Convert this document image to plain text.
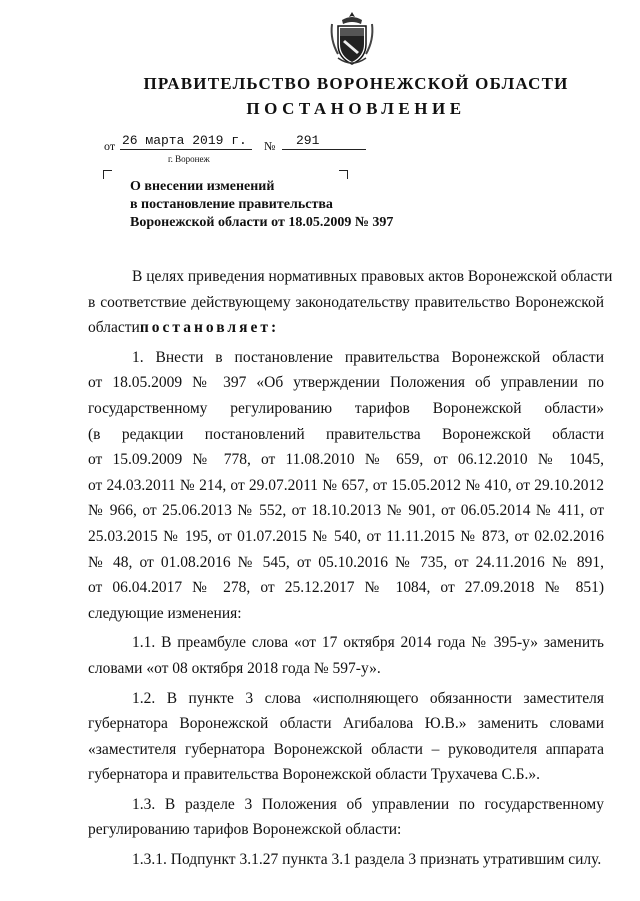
ПРАВИТЕЛЬСТВО ВОРОНЕЖСКОЙ ОБЛАСТИ
ПОСТАНОВЛЕНИЕ
от 26 марта 2019 г.	№	291
г. Воронеж
О внесении изменений
в постановление правительства
Воронежской области от 18.05.2009 № 397
В целях приведения нормативных правовых актов Воронежской области
в соответствие действующему законодательству правительство Воронежской
областипостановляет:
1. Внести в постановление правительства Воронежской области
от 18.05.2009 № 397 «Об утверждении Положения об управлении по
государственному регулированию тарифов Воронежской области»
(в редакции постановлений правительства Воронежской области
от 15.09.2009 № 778, от 11.08.2010 № 659, от 06.12.2010 № 1045,
от 24.03.2011 № 214, от 29.07.2011 № 657, от 15.05.2012 № 410, от 29.10.2012
№ 966, от 25.06.2013 № 552, от 18.10.2013 № 901, от 06.05.2014 № 411, от
25.03.2015 № 195, от 01.07.2015 № 540, от 11.11.2015 № 873, от 02.02.2016
№ 48, от 01.08.2016 № 545, от 05.10.2016 № 735, от 24.11.2016 № 891,
от 06.04.2017 № 278, от 25.12.2017 № 1084, от 27.09.2018 № 851)
следующие изменения:
1.1. В преамбуле слова «от 17 октября 2014 года № 395-у» заменить
словами «от 08 октября 2018 года № 597-у».
1.2. В пункте 3 слова «исполняющего обязанности заместителя
губернатора Воронежской области Агибалова Ю.В.» заменить словами
«заместителя губернатора Воронежской области – руководителя аппарата
губернатора и правительства Воронежской области Трухачева С.Б.».
1.3. В разделе 3 Положения об управлении по государственному
регулированию тарифов Воронежской области:
1.3.1. Подпункт 3.1.27 пункта 3.1 раздела 3 признать утратившим силу.
